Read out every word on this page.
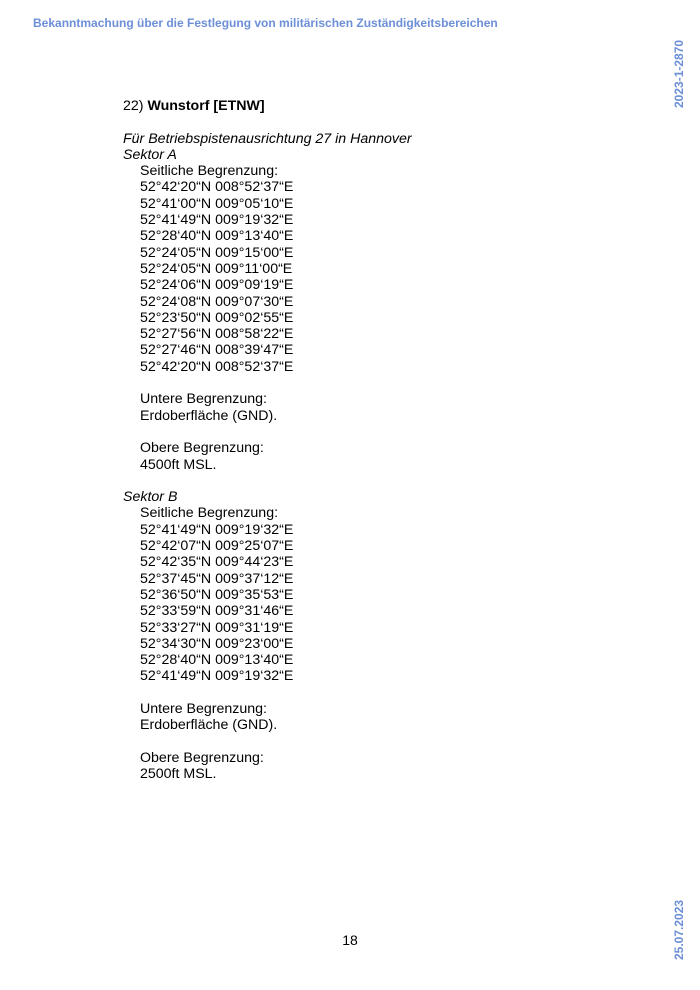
Bekanntmachung über die Festlegung von militärischen Zuständigkeitsbereichen
2023-1-2870
25.07.2023
22) Wunstorf [ETNW]
Für Betriebspistenausrichtung 27 in Hannover
Sektor A
Seitliche Begrenzung:
52°42‘20“N 008°52‘37“E
52°41‘00“N 009°05‘10“E
52°41‘49“N 009°19‘32“E
52°28‘40“N 009°13‘40“E
52°24‘05“N 009°15‘00“E
52°24‘05“N 009°11‘00“E
52°24‘06“N 009°09‘19“E
52°24‘08“N 009°07‘30“E
52°23‘50“N 009°02‘55“E
52°27‘56“N 008°58‘22“E
52°27‘46“N 008°39‘47“E
52°42‘20“N 008°52‘37“E
Untere Begrenzung:
Erdoberfläche (GND).
Obere Begrenzung:
4500ft MSL.
Sektor B
Seitliche Begrenzung:
52°41‘49“N 009°19‘32“E
52°42‘07“N 009°25‘07“E
52°42‘35“N 009°44‘23“E
52°37‘45“N 009°37‘12“E
52°36‘50“N 009°35‘53“E
52°33‘59“N 009°31‘46“E
52°33‘27“N 009°31‘19“E
52°34‘30“N 009°23‘00“E
52°28‘40“N 009°13‘40“E
52°41‘49“N 009°19‘32“E
Untere Begrenzung:
Erdoberfläche (GND).
Obere Begrenzung:
2500ft MSL.
18
